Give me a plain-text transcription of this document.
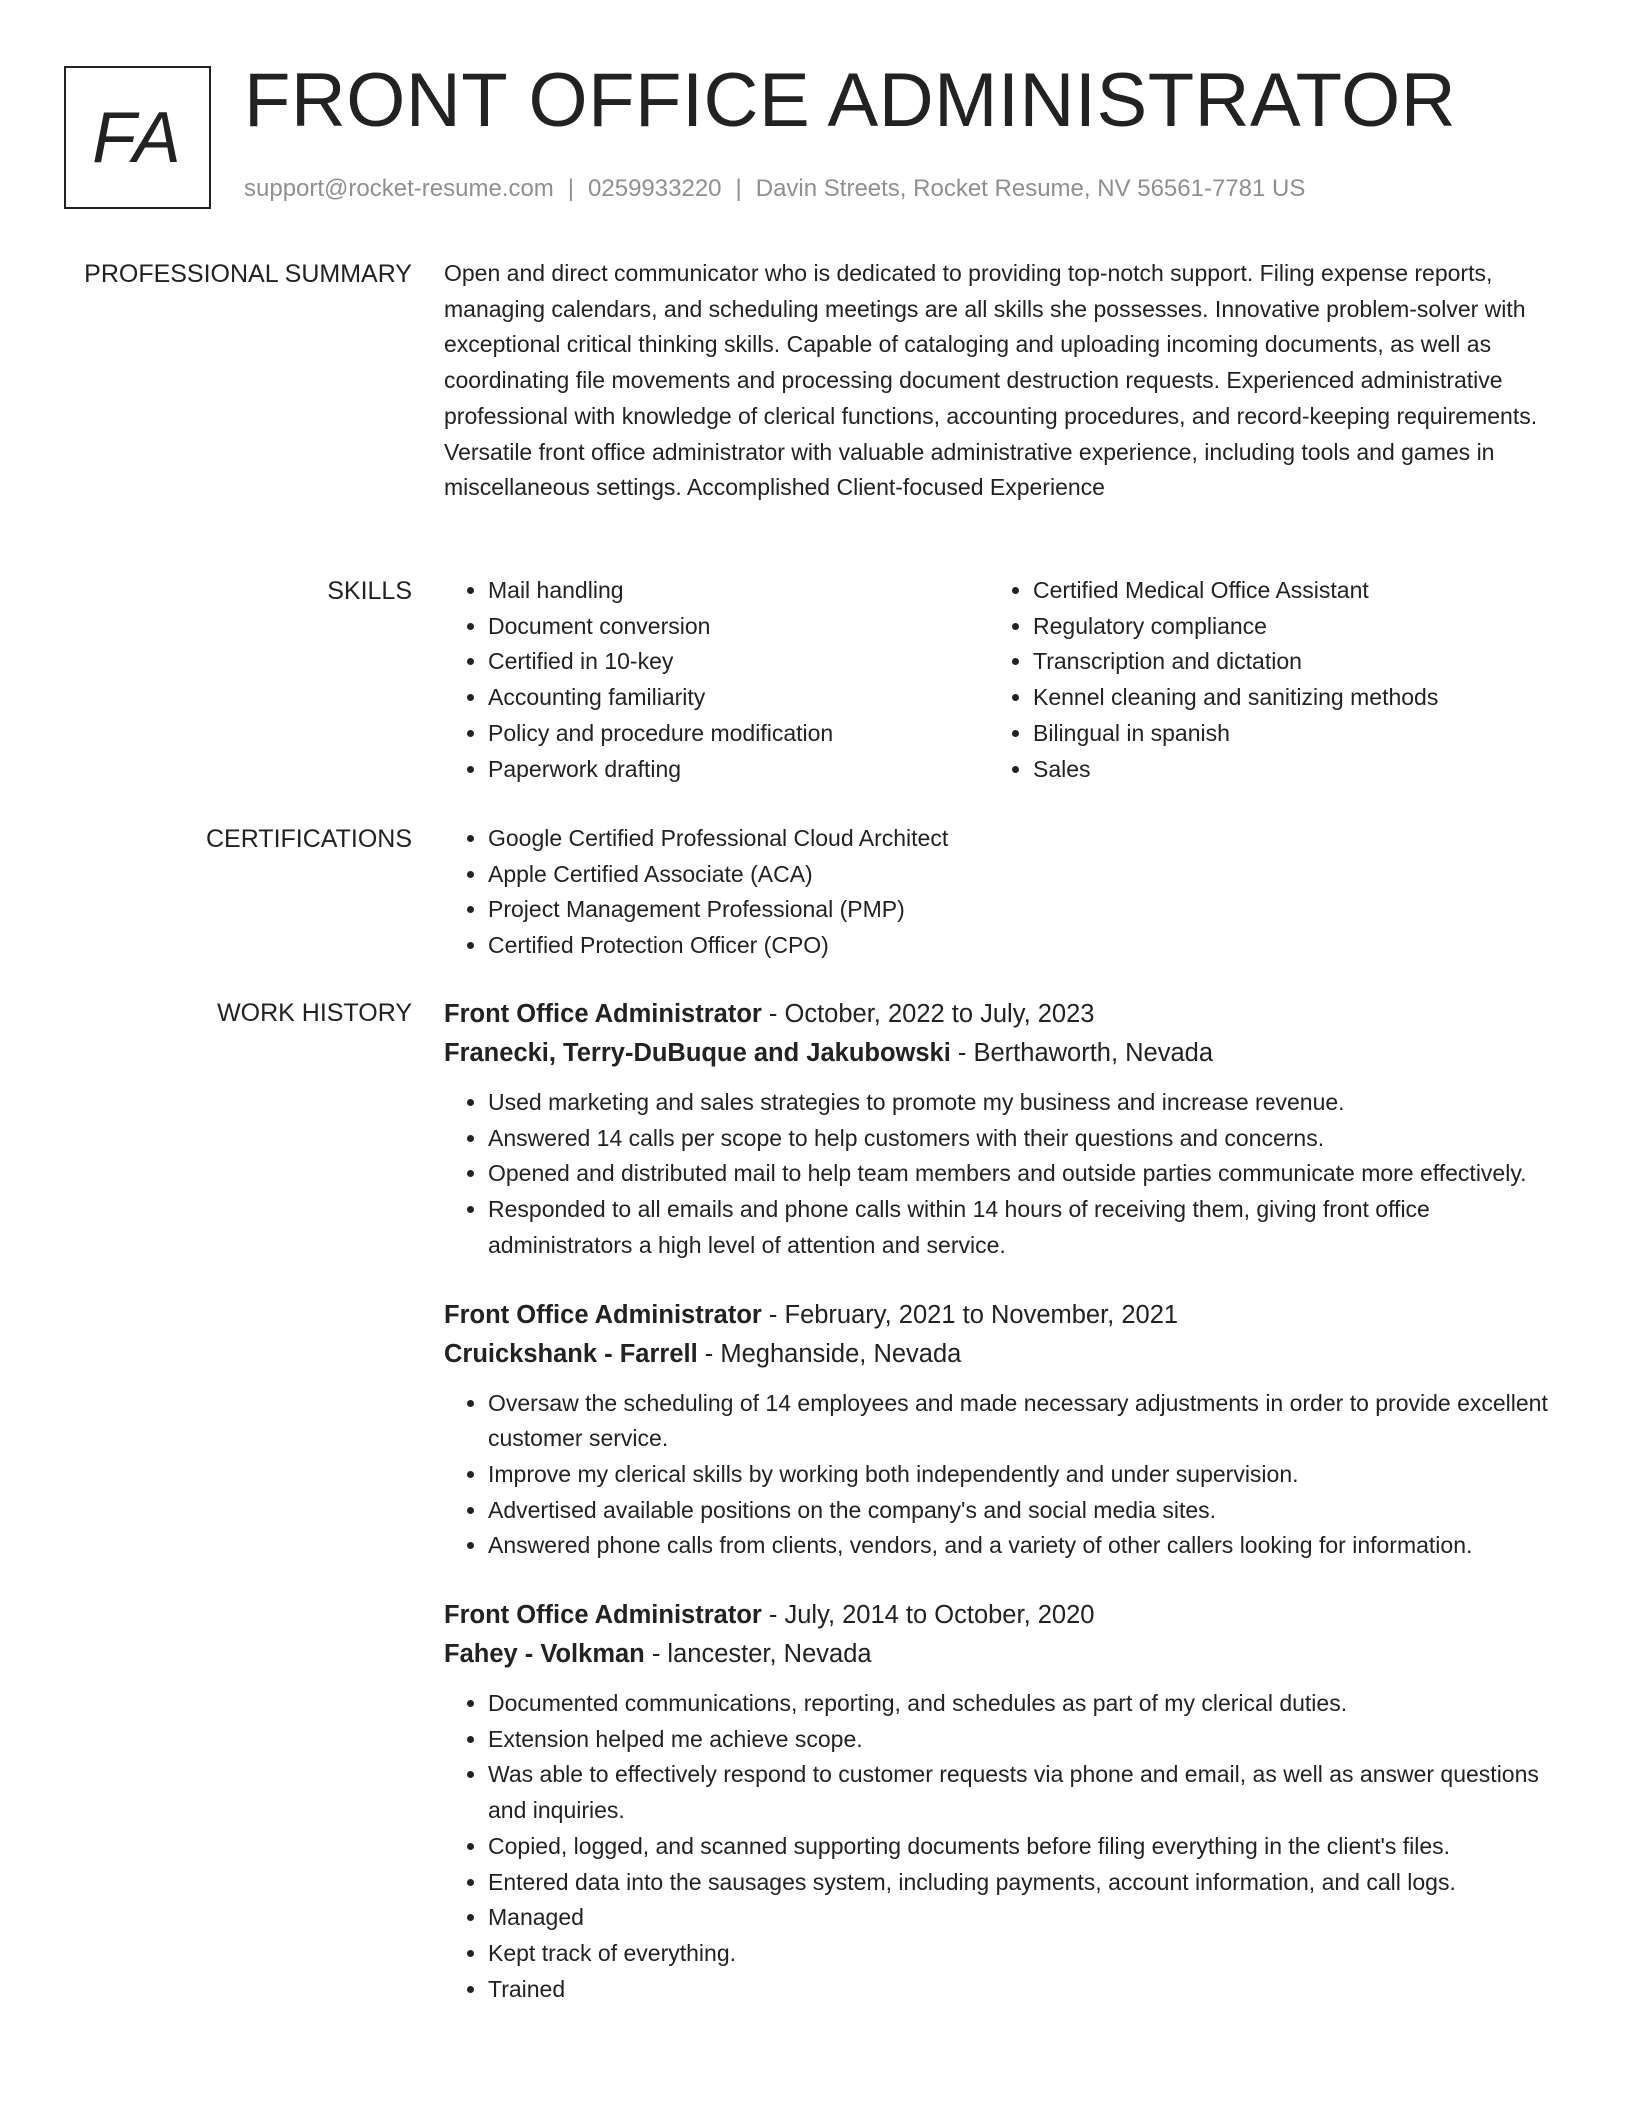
FA FRONT OFFICE ADMINISTRATOR
support@rocket-resume.com | 0259933220 | Davin Streets, Rocket Resume, NV 56561-7781 US
PROFESSIONAL SUMMARY Open and direct communicator who is dedicated to providing top-notch support. Filing expense reports, managing calendars, and scheduling meetings are all skills she possesses. Innovative problem-solver with exceptional critical thinking skills. Capable of cataloging and uploading incoming documents, as well as coordinating file movements and processing document destruction requests. Experienced administrative professional with knowledge of clerical functions, accounting procedures, and record-keeping requirements. Versatile front office administrator with valuable administrative experience, including tools and games in miscellaneous settings. Accomplished Client-focused Experience
SKILLS	• Mail handling
• Document conversion
• Certified in 10-key
• Accounting familiarity
• Policy and procedure modification
• Paperwork drafting
• Certified Medical Office Assistant
• Regulatory compliance
• Transcription and dictation
• Kennel cleaning and sanitizing methods
• Bilingual in spanish
• Sales
CERTIFICATIONS	• Google Certified Professional Cloud Architect
• Apple Certified Associate (ACA)
• Project Management Professional (PMP)
• Certified Protection Officer (CPO)
WORK HISTORY Front Office Administrator - October, 2022 to July, 2023
Franecki, Terry-DuBuque and Jakubowski - Berthaworth, Nevada
• Used marketing and sales strategies to promote my business and increase revenue.
• Answered 14 calls per scope to help customers with their questions and concerns.
• Opened and distributed mail to help team members and outside parties communicate more effectively.
• Responded to all emails and phone calls within 14 hours of receiving them, giving front office administrators a high level of attention and service.
Front Office Administrator - February, 2021 to November, 2021
Cruickshank - Farrell - Meghanside, Nevada
• Oversaw the scheduling of 14 employees and made necessary adjustments in order to provide excellent customer service.
• Improve my clerical skills by working both independently and under supervision.
• Advertised available positions on the company's and social media sites.
• Answered phone calls from clients, vendors, and a variety of other callers looking for information.
Front Office Administrator - July, 2014 to October, 2020
Fahey - Volkman - lancester, Nevada
• Documented communications, reporting, and schedules as part of my clerical duties.
• Extension helped me achieve scope.
• Was able to effectively respond to customer requests via phone and email, as well as answer questions and inquiries.
• Copied, logged, and scanned supporting documents before filing everything in the client's files.
• Entered data into the sausages system, including payments, account information, and call logs.
• Managed
• Kept track of everything.
• Trained
